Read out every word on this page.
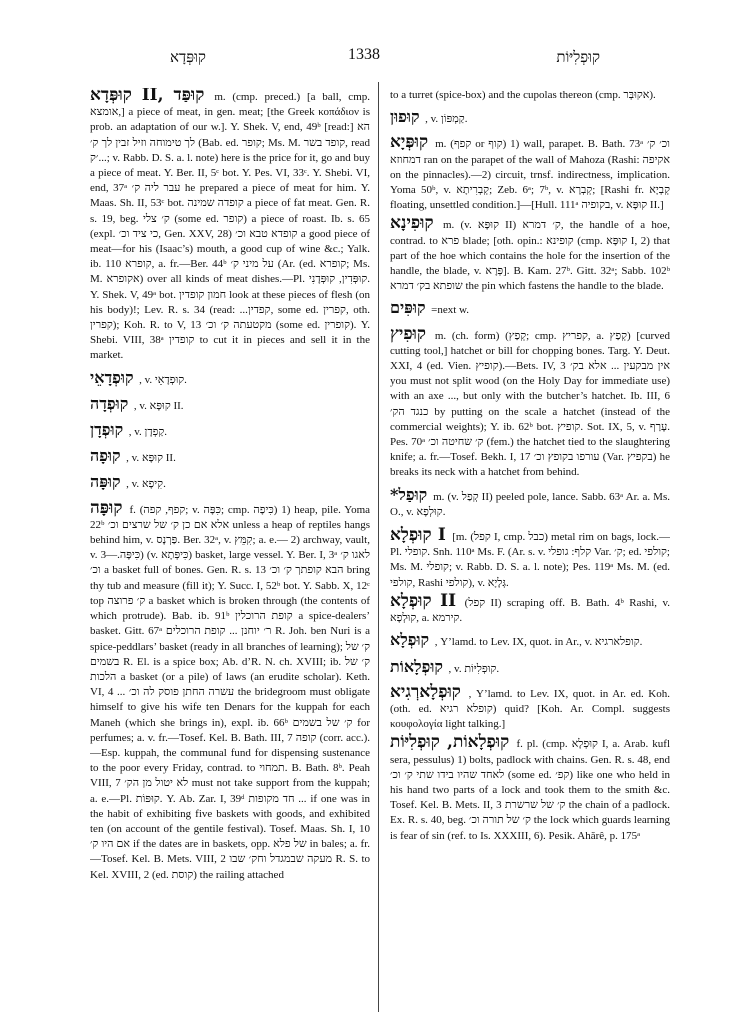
קוּפְּדָא	1338	קוּפְלִיּוֹת

קוּפְּדָא II, קוּפַּד m. (cmp. preced.) [a ball, cmp. אומצא,] a piece of meat, in gen. meat; [the Greek κοπάδιον is prob. an adaptation of our w.]. Y. Shek. V, end, 49ᵇ [read:] הא לך טימוחה וזיל זבין לך ק׳ (Bab. ed. קופר; Ms. M. קופד בשר, read ׳ק...; v. Rabb. D. S. a. l. note) here is the price for it, go and buy a piece of meat. Y. Ber. II, 5ᶜ bot. Y. Pes. VI, 33ᶜ. Y. Shebi. VI, end, 37ᵃ עבר ליה ק׳ he prepared a piece of meat for him. Y. Maas. Sh. II, 53ᶜ bot. קופדה שמינה a piece of fat meat. Gen. R. s. 19, beg. ק׳ צלי (some ed. קופר) a piece of roast. Ib. s. 65 (expl. כי ציד וכ׳, Gen. XXV, 28) קופדא טבא וכ׳ a good piece of meat—for his (Isaac’s) mouth, a good cup of wine &c.; Yalk. ib. 110 קופרא, a. fr.—Ber. 44ᵇ על מיני ק׳ (Ar. (ed. קופרא; Ms. M. אקופרא) over all kinds of meat dishes.—Pl. קוּפְּדִין, קוּפְּדָנִי. Y. Shek. V, 49ᵃ bot. חמון קופדין look at these pieces of flesh (on his body)!; Lev. R. s. 34 (read: ...קפדין, some ed. קפרין, oth. קפרין); Koh. R. to V, 13 מקטעתה ק׳ וכ׳ (some ed. קופרין). Y. Shebi. VIII, 38ᵃ קופדין to cut it in pieces and sell it in the market.

קוּפְדָאֵי , v. קוּפְדָאֵי.

קוּפְדָה , v. קוּפָּא II.

קוּפְדָן , v. קַפְדָן.

קוּפָה , v. קוּפָּא II.

קוּפָּה , v. קִיפָא.

קוּפָּה f. (קפף, קפה; v. כִּפָּה; cmp. כִּיפָה) 1) heap, pile. Yoma 22ᵇ אלא אם כן ק׳ של שרצים וכ׳ unless a heap of reptiles hangs behind him, v. פַּרְנָס. Ber. 32ᵃ, v. קִמֵּץ; a. e.— 2) archway, vault, v. כִּיפָּה.—3) (v. כִּיפְּתָא) basket, large vessel. Y. Ber. I, 3ᵃ לאגו ק׳ וכ׳ a basket full of bones. Gen. R. s. 13 הבא קופתך ק׳ וכ׳ bring thy tub and measure (fill it); Y. Succ. I, 52ᵇ bot. Y. Sabb. X, 12ᶜ top ק׳ פרוצה a basket which is broken through (the contents of which protrude). Bab. ib. 91ᵇ קופת הרוכלין a spice-dealers’ basket. Gitt. 67ᵃ ר׳ יוחנן ... קופת הרוכלים R. Joh. ben Nuri is a spice-peddlars’ basket (ready in all branches of learning); ק׳ של בשמים R. El. is a spice box; Ab. d’R. N. ch. XVIII; ib. ק׳ של הלכות a basket (or a pile) of laws (an erudite scholar). Keth. VI, 4 ... עשרה החתן פוסק לה וכ׳ the bridegroom must obligate himself to give his wife ten Denars for the kuppah for each Maneh (which she brings in), expl. ib. 66ᵇ ק׳ של בשמים for perfumes; a. v. fr.—Tosef. Kel. B. Bath. III, 7 קופה (corr. acc.).—Esp. kuppah, the communal fund for dispensing sustenance to the poor every Friday, contrad. to תמחוי. B. Bath. 8ᵇ. Peah VIII, 7 לא יטול מן הק׳ must not take support from the kuppah; a. e.—Pl. קוּפּוֹת. Y. Ab. Zar. I, 39ᵈ חד מקופות ... if one was in the habit of exhibiting five baskets with goods, and exhibited ten (on account of the gentile festival). Tosef. Maas. Sh. I, 10 אם היו ק׳ if the dates are in baskets, opp. של פלא in bales; a. fr.—Tosef. Kel. B. Mets. VIII, 2 מעקה שבמגדל וחק׳ שבו R. S. to Kel. XVIII, 2 (ed. קוסת) the railing attached

to a turret (spice-box) and the cupolas thereon (cmp. אקוּבְּר).

קוּפוּן , v. קַמְפּוֹן.

קוּפְּיָא m. (קפף or קוף) 1) wall, parapet. B. Bath. 73ᵃ וכ׳ ק׳ דמחוזא ran on the parapet of the wall of Mahoza (Rashi: אקיפה on the pinnacles).—2) circuit, trnsf. indirectness, implication. Yoma 50ᵇ, v. קְבְרִיתָא; Zeb. 6ᵃ; 7ᵇ, v. קְבְרָא; [Rashi fr. קְבְיָא floating, unsettled condition.]—[Hull. 111ᵃ בקופיה, v. קוּפָּא II.]

קוּפִינָא m. (v. קוּפָּא II) ק׳ דמרא, the handle of a hoe, contrad. to פרא blade; [oth. opin.: קופינא (cmp. קוּפָּא I, 2) that part of the hoe which contains the hole for the insertion of the handle, the blade, v. פְּרָא]. B. Kam. 27ᵇ. Gitt. 32ᵃ; Sabb. 102ᵇ שופתא בק׳ דמרא the pin which fastens the handle to the blade.

קוּפִּים =next w.

קוּפִיץ m. (ch. form) (קְפַץ; cmp. קפריץ, a. קְפַץ) [curved cutting tool,] hatchet or bill for chopping bones. Targ. Y. Deut. XXI, 4 (ed. Vien. קופיץ).—Bets. IV, 3 אין מבקעין ... אלא בק׳ you must not split wood (on the Holy Day for immediate use) with an axe ..., but only with the butcher’s hatchet. Ib. III, 6 כנגד הק׳ by putting on the scale a hatchet (instead of the commercial weights); Y. ib. 62ᵇ bot. קופיץ. Sot. IX, 5, v. עָרַף. Pes. 70ᵃ ק׳ שחיטה וכ׳ (fem.) the hatchet tied to the slaughtering knife; a. fr.—Tosef. Bekh. I, 17 עורפו בקופץ וכ׳ (Var. בקפיץ) he breaks its neck with a hatchet from behind.

*קוּפַל m. (v. קְפַל II) peeled pole, lance. Sabb. 63ᵃ Ar. a. Ms. O., v. קוּלְפָא.

קוּפְלָא I [m. (קפל I, cmp. כבל) metal rim on bags, lock.—Pl. קופלי. Snh. 110ᵃ Ms. F. (Ar. s. v. קלף: גופלי Var. ק׳; ed. קולפי; Ms. M. קופלי; v. Rabb. D. S. a. l. note); Pes. 119ᵃ Ms. M. (ed. קולפי, Rashi קולפי), v. גְּלָיָא.

קוּפְלָא II (קפל II) scraping off. B. Bath. 4ᵇ Rashi, v. קוּלְפָא, a. קירמא.

קוּפְלָא , Y’lamd. to Lev. IX, quot. in Ar., v. קופלארגיא.

קוּפְלָאוֹת , v. קוּפְלִיּוֹת.

קוּפְלָארְגִיא , Y’lamd. to Lev. IX, quot. in Ar. ed. Koh. (oth. ed. קופלא רגיא) quid? [Koh. Ar. Compl. suggests κουφολογία light talking.]

קוּפְלָאוֹת, קוּפְלִיּוֹת f. pl. (cmp. קוּפְלָא I, a. Arab. kufl sera, pessulus) 1) bolts, padlock with chains. Gen. R. s. 48, end לאחד שהיו בידו שתי ק׳ וכ׳ (some ed. קפ׳) like one who held in his hand two parts of a lock and took them to the smith &c. Tosef. Kel. B. Mets. II, 3 ק׳ של שרשרת the chain of a padlock. Ex. R. s. 40, beg. ק׳ של תורה וכ׳ the lock which guards learning is fear of sin (ref. to Is. XXXIII, 6). Pesik. Ahărê, p. 175ᵃ
